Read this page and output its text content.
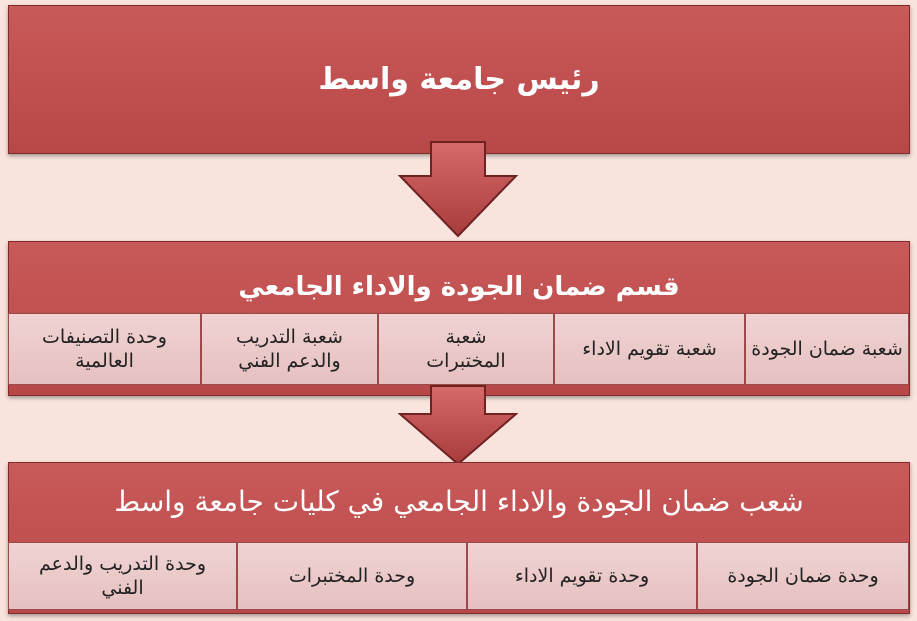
رئيس جامعة واسط
قسم ضمان الجودة والاداء الجامعي
شعبة ضمان الجودة
شعبة تقويم الاداء
شعبة المختبرات
شعبة التدريب والدعم الفني
وحدة التصنيفات العالمية
شعب ضمان الجودة والاداء الجامعي في كليات جامعة واسط
وحدة ضمان الجودة
وحدة تقويم الاداء
وحدة المختبرات
وحدة التدريب والدعم الفني
